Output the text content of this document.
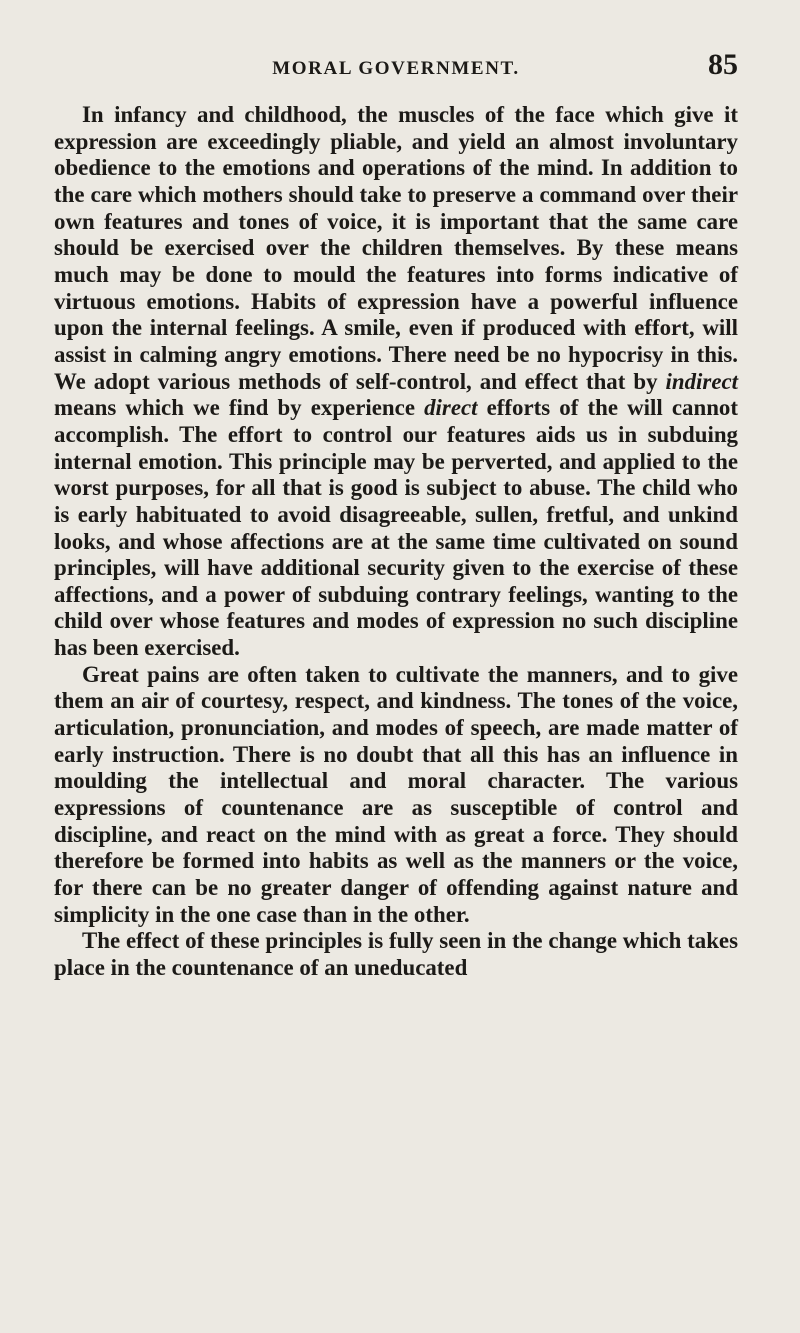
MORAL GOVERNMENT.	85

In infancy and childhood, the muscles of the face which give it expression are exceedingly pliable, and yield an almost involuntary obedience to the emotions and operations of the mind. In addition to the care which mothers should take to preserve a command over their own features and tones of voice, it is important that the same care should be exercised over the children themselves. By these means much may be done to mould the features into forms indicative of virtuous emotions. Habits of expression have a powerful influence upon the internal feelings. A smile, even if produced with effort, will assist in calming angry emotions. There need be no hypocrisy in this. We adopt various methods of self-control, and effect that by indirect means which we find by experience direct efforts of the will cannot accomplish. The effort to control our features aids us in subduing internal emotion. This principle may be perverted, and applied to the worst purposes, for all that is good is subject to abuse. The child who is early habituated to avoid disagreeable, sullen, fretful, and unkind looks, and whose affections are at the same time cultivated on sound principles, will have additional security given to the exercise of these affections, and a power of subduing contrary feelings, wanting to the child over whose features and modes of expression no such discipline has been exercised.

Great pains are often taken to cultivate the manners, and to give them an air of courtesy, respect, and kindness. The tones of the voice, articulation, pronunciation, and modes of speech, are made matter of early instruction. There is no doubt that all this has an influence in moulding the intellectual and moral character. The various expressions of countenance are as susceptible of control and discipline, and react on the mind with as great a force. They should therefore be formed into habits as well as the manners or the voice, for there can be no greater danger of offending against nature and simplicity in the one case than in the other.

The effect of these principles is fully seen in the change which takes place in the countenance of an uneducated
